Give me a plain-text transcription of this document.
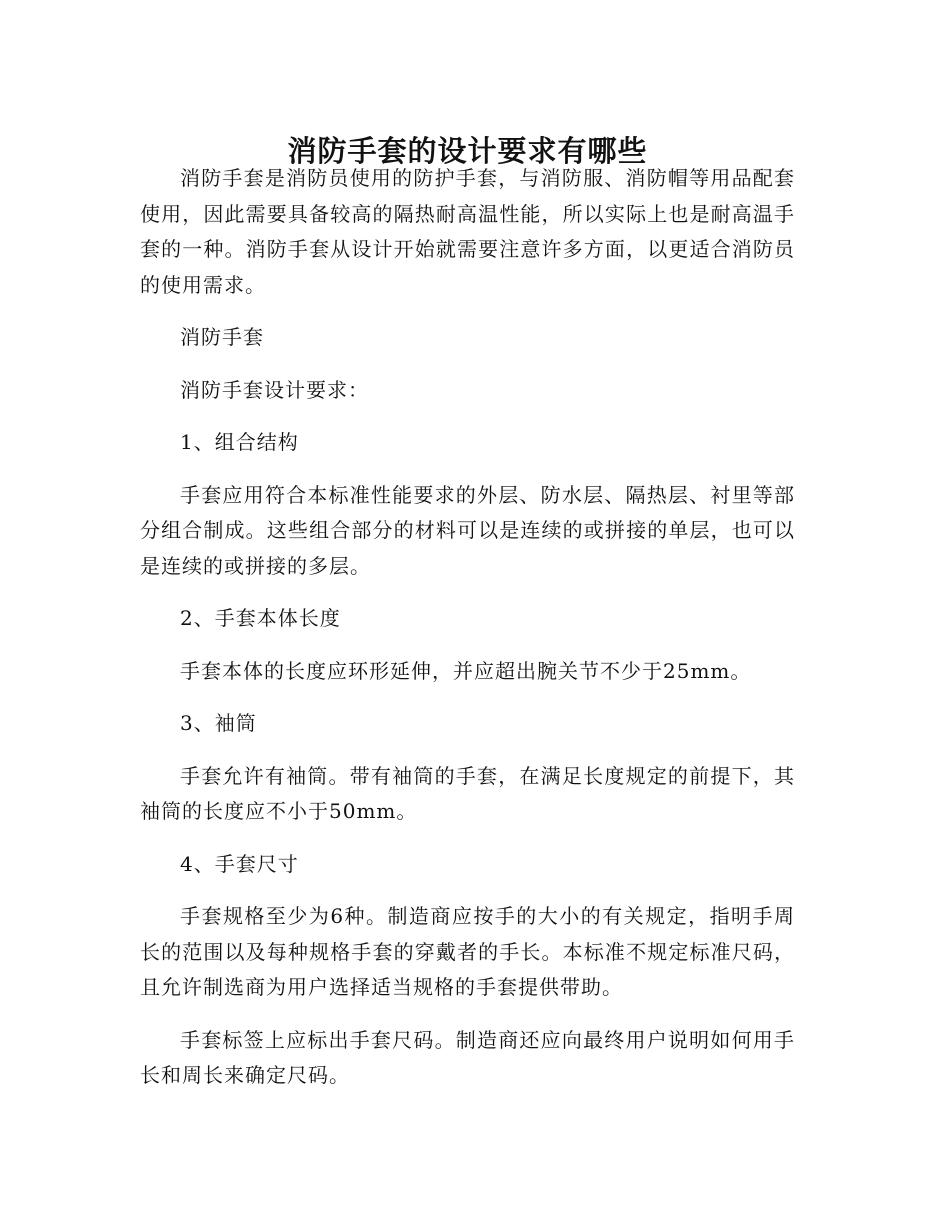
消防手套的设计要求有哪些

消防手套是消防员使用的防护手套，与消防服、消防帽等用品配套使用，因此需要具备较高的隔热耐高温性能，所以实际上也是耐高温手套的一种。消防手套从设计开始就需要注意许多方面，以更适合消防员的使用需求。

消防手套

消防手套设计要求：

1、组合结构

手套应用符合本标准性能要求的外层、防水层、隔热层、衬里等部分组合制成。这些组合部分的材料可以是连续的或拼接的单层，也可以是连续的或拼接的多层。

2、手套本体长度

手套本体的长度应环形延伸，并应超出腕关节不少于25mm。

3、袖筒

手套允许有袖筒。带有袖筒的手套，在满足长度规定的前提下，其袖筒的长度应不小于50mm。

4、手套尺寸

手套规格至少为6种。制造商应按手的大小的有关规定，指明手周长的范围以及每种规格手套的穿戴者的手长。本标准不规定标准尺码，且允许制选商为用户选择适当规格的手套提供带助。

手套标签上应标出手套尺码。制造商还应向最终用户说明如何用手长和周长来确定尺码。
